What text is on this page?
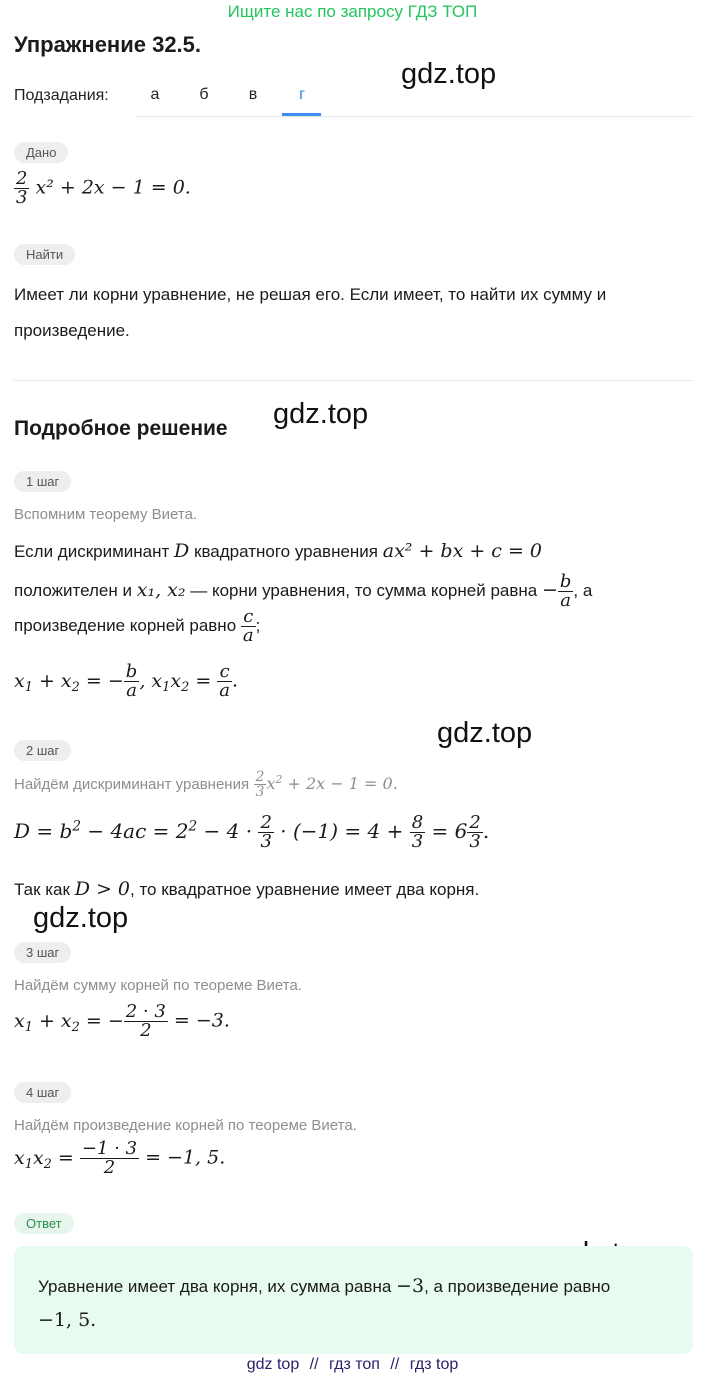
Ищите нас по запросу ГДЗ ТОП
Упражнение 32.5.
gdz.top
gdz.top
gdz.top
gdz.top
Подзадания:	а	б	в	г
Дано
$\frac{2}{3} x^2 + 2x - 1 = 0$.
Найти
Имеет ли корни уравнение, не решая его. Если имеет, то найти их сумму и произведение.
Подробное решение
1 шаг
Вспомним теорему Виета.
Если дискриминант D квадратного уравнения ax² + bx + c = 0
положителен и x₁, x₂ — корни уравнения, то сумма корней равна − $\frac{b}{a}$ , а
произведение корней равно $\frac{c}{a}$ ;
$x_1 + x_2$ = − $\frac{b}{a}$ , $x_1x_2 = \frac{c}{a}$ .
2 шаг
Найдём дискриминант уравнения $\frac{2}{3} x^2 + 2x - 1 = 0$.
$D = b^2 - 4ac = 2^2 - 4 \cdot \frac{2}{3} \cdot (-1) = 4 + \frac{8}{3} = 6 \frac{2}{3}$ .
Так как D > 0, то квадратное уравнение имеет два корня.
3 шаг
Найдём сумму корней по теореме Виета.
$x_1 + x_2$ = − $\frac{2 \cdot 3}{2} = -3$.
4 шаг
Найдём произведение корней по теореме Виета.
$x_1x_2 = \frac{-1 \cdot 3}{2} = -1$, 5.
Ответ
Уравнение имеет два корня, их сумма равна −3, а произведение равно
−1, 5.
gdz top // гдз топ // гдз top
